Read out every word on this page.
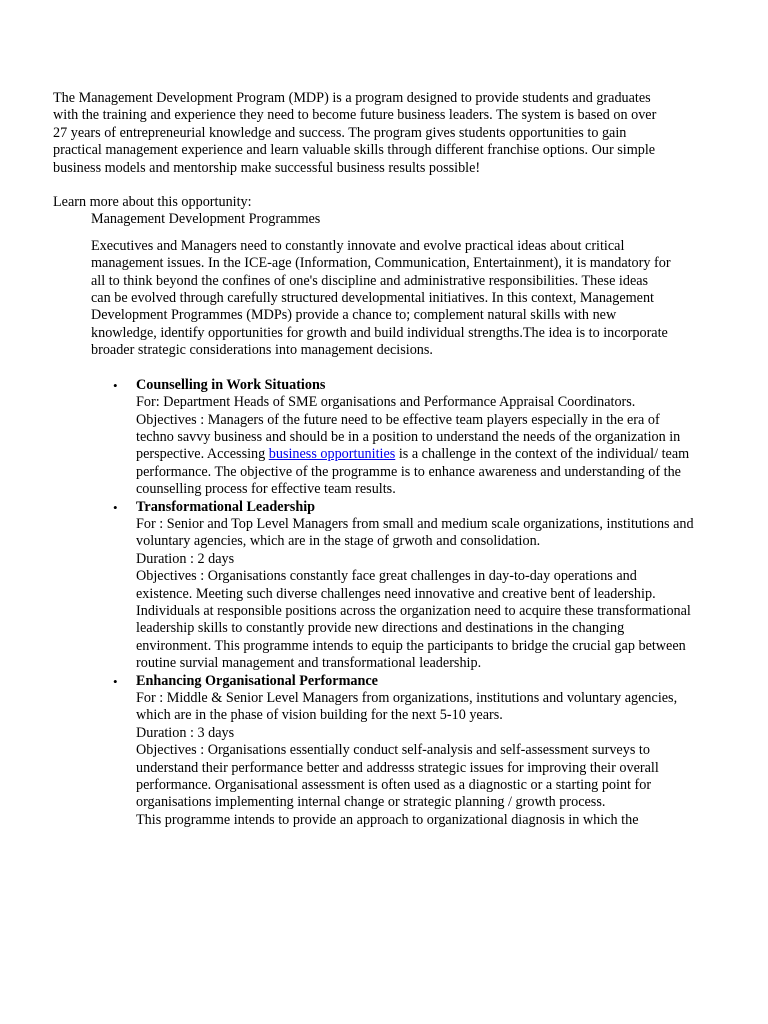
The Management Development Program (MDP) is a program designed to provide students and graduates with the training and experience they need to become future business leaders. The system is based on over 27 years of entrepreneurial knowledge and success. The program gives students opportunities to gain practical management experience and learn valuable skills through different franchise options. Our simple business models and mentorship make successful business results possible!

Learn more about this opportunity:

Management Development Programmes

Executives and Managers need to constantly innovate and evolve practical ideas about critical management issues. In the ICE-age (Information, Communication, Entertainment), it is mandatory for all to think beyond the confines of one's discipline and administrative responsibilities. These ideas can be evolved through carefully structured developmental initiatives. In this context, Management Development Programmes (MDPs) provide a chance to; complement natural skills with new knowledge, identify opportunities for growth and build individual strengths.The idea is to incorporate broader strategic considerations into management decisions.

• Counselling in Work Situations
For: Department Heads of SME organisations and Performance Appraisal Coordinators.
Objectives : Managers of the future need to be effective team players especially in the era of techno savvy business and should be in a position to understand the needs of the organization in perspective. Accessing business opportunities is a challenge in the context of the individual/ team performance. The objective of the programme is to enhance awareness and understanding of the counselling process for effective team results.
• Transformational Leadership
For : Senior and Top Level Managers from small and medium scale organizations, institutions and voluntary agencies, which are in the stage of grwoth and consolidation.
Duration : 2 days
Objectives : Organisations constantly face great challenges in day-to-day operations and existence. Meeting such diverse challenges need innovative and creative bent of leadership. Individuals at responsible positions across the organization need to acquire these transformational leadership skills to constantly provide new directions and destinations in the changing environment. This programme intends to equip the participants to bridge the crucial gap between routine survial management and transformational leadership.
• Enhancing Organisational Performance
For : Middle & Senior Level Managers from organizations, institutions and voluntary agencies, which are in the phase of vision building for the next 5-10 years.
Duration : 3 days
Objectives : Organisations essentially conduct self-analysis and self-assessment surveys to understand their performance better and addresss strategic issues for improving their overall performance. Organisational assessment is often used as a diagnostic or a starting point for organisations implementing internal change or strategic planning / growth process.
This programme intends to provide an approach to organizational diagnosis in which the
